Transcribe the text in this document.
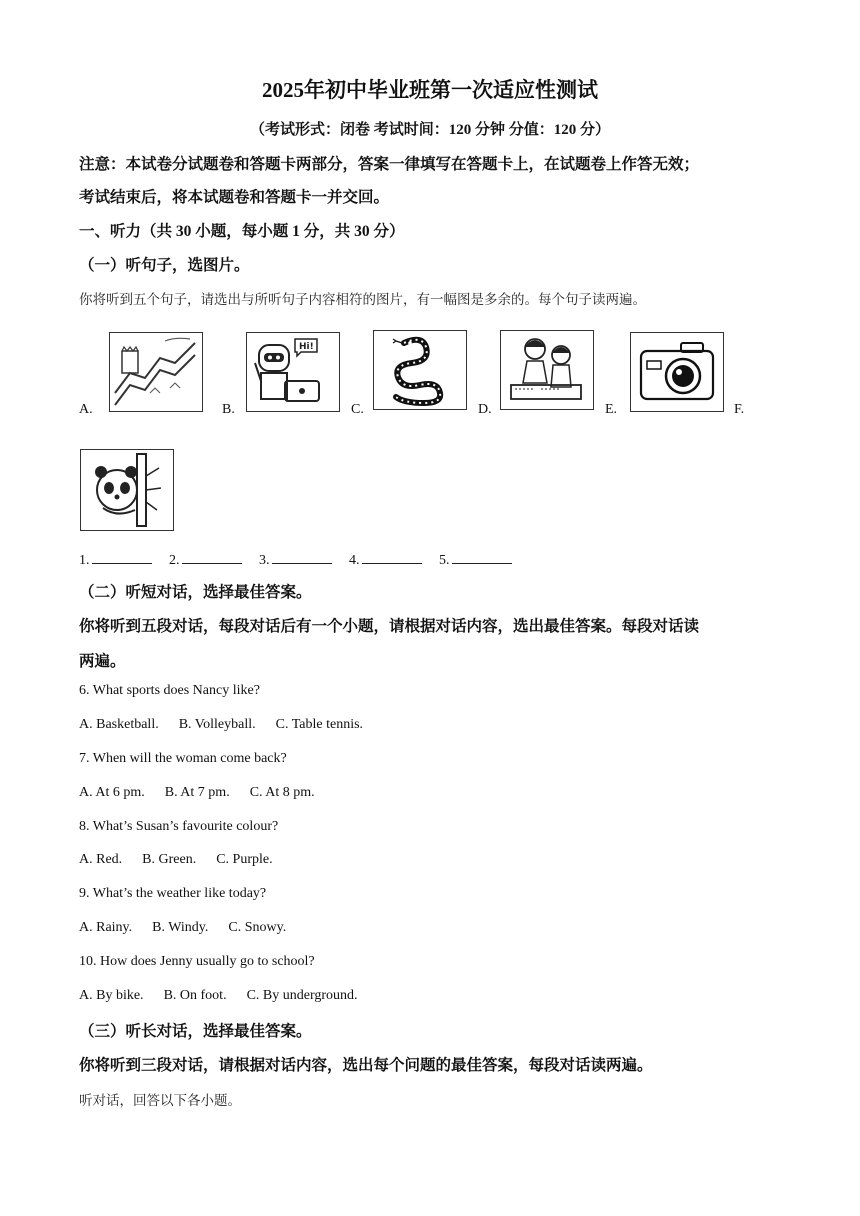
2025年初中毕业班第一次适应性测试
（考试形式：闭卷 考试时间：120 分钟 分值：120 分）
注意：本试卷分试题卷和答题卡两部分，答案一律填写在答题卡上，在试题卷上作答无效；
考试结束后，将本试题卷和答题卡一并交回。
一、听力（共 30 小题，每小题 1 分，共 30 分）
（一）听句子，选图片。
你将听到五个句子，请选出与所听句子内容相符的图片，有一幅图是多余的。每个句子读两遍。
A.	B.
Hi!
C.	D.	E.	F.
1.	2.	3.	4.	5.
（二）听短对话，选择最佳答案。
你将听到五段对话，每段对话后有一个小题，请根据对话内容，选出最佳答案。每段对话读
两遍。
6. What sports does Nancy like?
A. Basketball. B. Volleyball. C. Table tennis.
7. When will the woman come back?
A. At 6 pm. B. At 7 pm. C. At 8 pm.
8. What’s Susan’s favourite colour?
A. Red. B. Green. C. Purple.
9. What’s the weather like today?
A. Rainy. B. Windy. C. Snowy.
10. How does Jenny usually go to school?
A. By bike. B. On foot. C. By underground.
（三）听长对话，选择最佳答案。
你将听到三段对话，请根据对话内容，选出每个问题的最佳答案，每段对话读两遍。
听对话，回答以下各小题。
